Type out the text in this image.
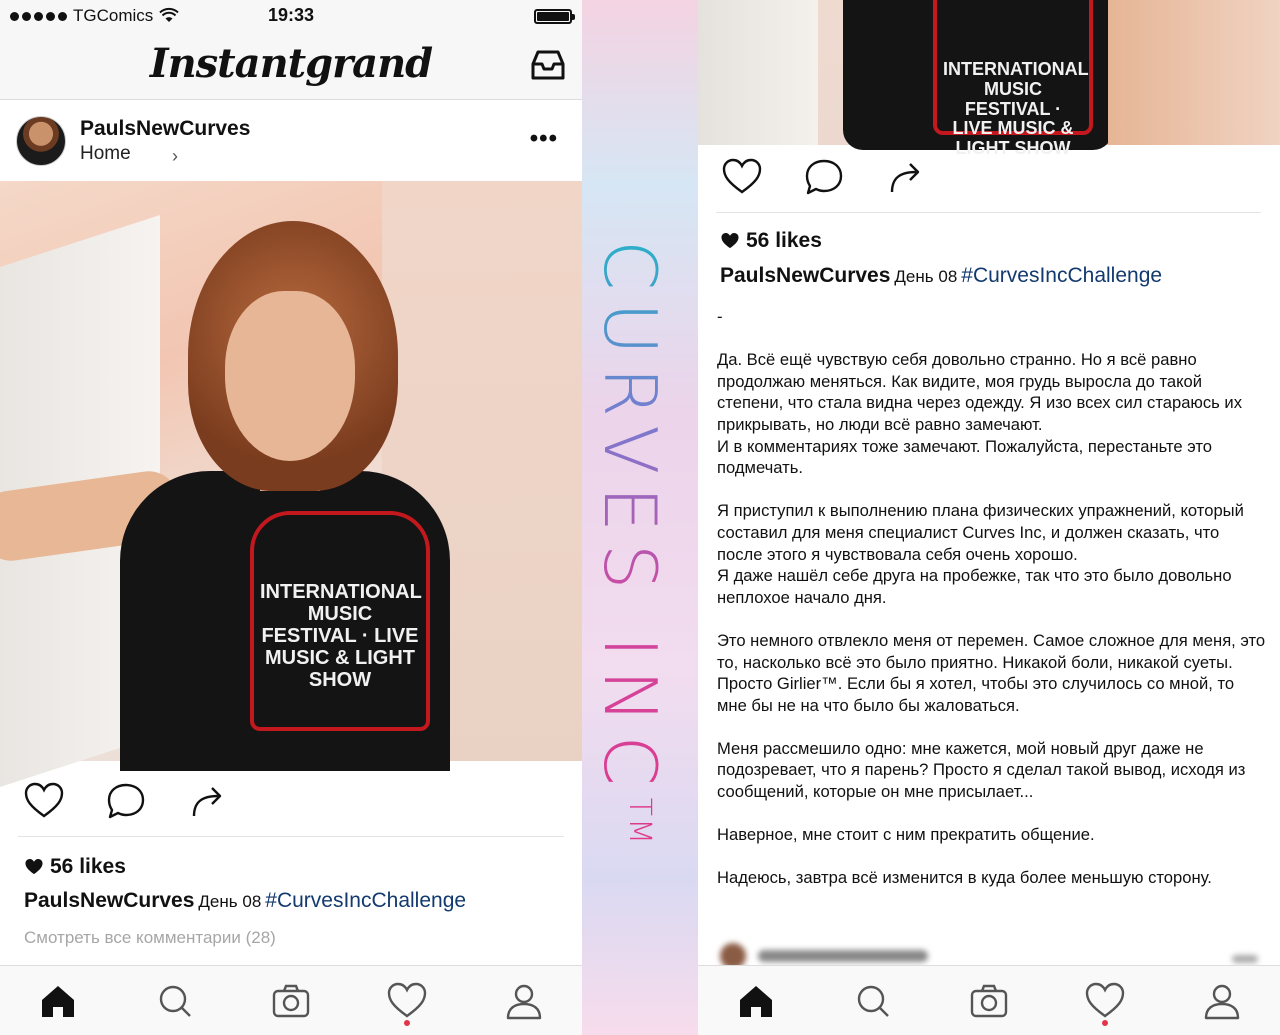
TGComics	19:33
Instantgrand
PaulsNewCurves
Home ›
•••
INTERNATIONAL MUSIC FESTIVAL · LIVE MUSIC & LIGHT SHOW
56 likes
PaulsNewCurves День 08 #CurvesIncChallenge
Смотреть все комментарии (28)
CURVES INC™
INTERNATIONAL MUSIC FESTIVAL · LIVE MUSIC & LIGHT SHOW
56 likes
PaulsNewCurves День 08 #CurvesIncChallenge

-

Да. Всё ещё чувствую себя довольно странно. Но я всё равно продолжаю меняться. Как видите, моя грудь выросла до такой степени, что стала видна через одежду. Я изо всех сил стараюсь их прикрывать, но люди всё равно замечают.
И в комментариях тоже замечают. Пожалуйста, перестаньте это подмечать.

Я приступил к выполнению плана физических упражнений, который составил для меня специалист Curves Inc, и должен сказать, что после этого я чувствовала себя очень хорошо.
Я даже нашёл себе друга на пробежке, так что это было довольно неплохое начало дня.

Это немного отвлекло меня от перемен. Самое сложное для меня, это то, насколько всё это было приятно. Никакой боли, никакой суеты. Просто Girlier™. Если бы я хотел, чтобы это случилось со мной, то мне бы не на что было бы жаловаться.

Меня рассмешило одно: мне кажется, мой новый друг даже не подозревает, что я парень? Просто я сделал такой вывод, исходя из сообщений, которые он мне присылает...

Наверное, мне стоит с ним прекратить общение.

Надеюсь, завтра всё изменится в куда более меньшую сторону.
